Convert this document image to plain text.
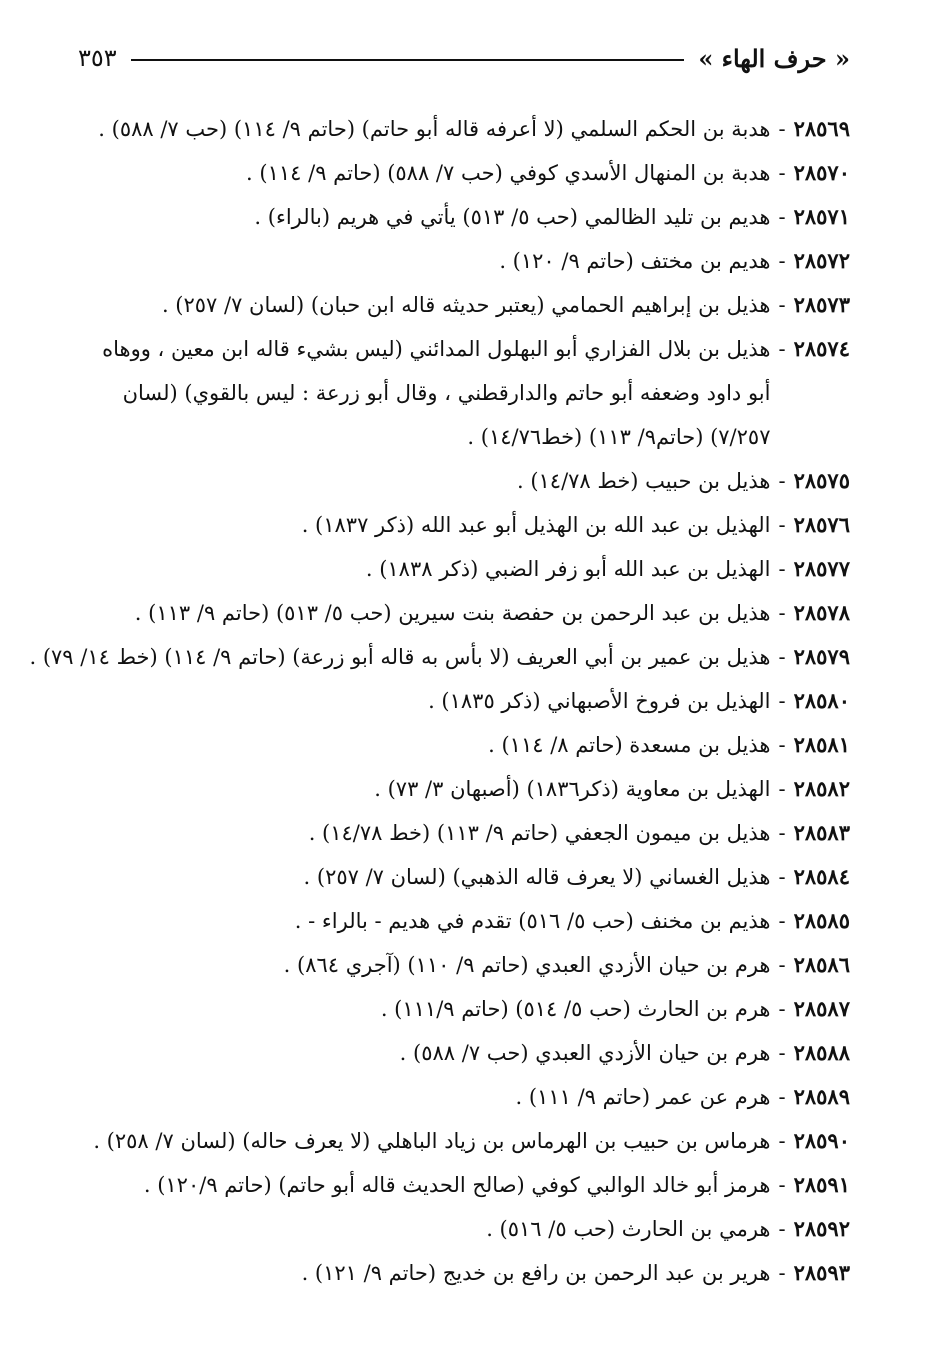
« حرف الهاء »
٣٥٣
٢٨٥٦٩
-
هدبة بن الحكم السلمي (لا أعرفه قاله أبو حاتم) (حاتم ٩/ ١١٤) (حب ٧/ ٥٨٨) .
٢٨٥٧٠
-
هدبة بن المنهال الأسدي كوفي (حب ٧/ ٥٨٨) (حاتم ٩/ ١١٤) .
٢٨٥٧١
-
هديم بن تليد الظالمي (حب ٥/ ٥١٣) يأتي في هريم (بالراء) .
٢٨٥٧٢
-
هديم بن مختف (حاتم ٩/ ١٢٠) .
٢٨٥٧٣
-
هذيل بن إبراهيم الحمامي (يعتبر حديثه قاله ابن حبان) (لسان ٧/ ٢٥٧) .
٢٨٥٧٤
-
هذيل بن بلال الفزاري أبو البهلول المدائني (ليس بشيء قاله ابن معين ، ووهاه أبو داود وضعفه أبو حاتم والدارقطني ، وقال أبو زرعة : ليس بالقوي) (لسان ٧/٢٥٧) (حاتم٩/ ١١٣) (خط١٤/٧٦) .
٢٨٥٧٥
-
هذيل بن حبيب (خط ١٤/٧٨) .
٢٨٥٧٦
-
الهذيل بن عبد الله بن الهذيل أبو عبد الله (ذكر ١٨٣٧) .
٢٨٥٧٧
-
الهذيل بن عبد الله أبو زفر الضبي (ذكر ١٨٣٨) .
٢٨٥٧٨
-
هذيل بن عبد الرحمن بن حفصة بنت سيرين (حب ٥/ ٥١٣) (حاتم ٩/ ١١٣) .
٢٨٥٧٩
-
هذيل بن عمير بن أبي العريف (لا بأس به قاله أبو زرعة) (حاتم ٩/ ١١٤) (خط ١٤/ ٧٩) .
٢٨٥٨٠
-
الهذيل بن فروخ الأصبهاني (ذكر ١٨٣٥) .
٢٨٥٨١
-
هذيل بن مسعدة (حاتم ٨/ ١١٤) .
٢٨٥٨٢
-
الهذيل بن معاوية (ذكر١٨٣٦) (أصبهان ٣/ ٧٣) .
٢٨٥٨٣
-
هذيل بن ميمون الجعفي (حاتم ٩/ ١١٣) (خط ١٤/٧٨) .
٢٨٥٨٤
-
هذيل الغساني (لا يعرف قاله الذهبي) (لسان ٧/ ٢٥٧) .
٢٨٥٨٥
-
هذيم بن مخنف (حب ٥/ ٥١٦) تقدم في هديم - بالراء - .
٢٨٥٨٦
-
هرم بن حيان الأزدي العبدي (حاتم ٩/ ١١٠) (آجري ٨٦٤) .
٢٨٥٨٧
-
هرم بن الحارث (حب ٥/ ٥١٤) (حاتم ١١١/٩) .
٢٨٥٨٨
-
هرم بن حيان الأزدي العبدي (حب ٧/ ٥٨٨) .
٢٨٥٨٩
-
هرم عن عمر (حاتم ٩/ ١١١) .
٢٨٥٩٠
-
هرماس بن حبيب بن الهرماس بن زياد الباهلي (لا يعرف حاله) (لسان ٧/ ٢٥٨) .
٢٨٥٩١
-
هرمز أبو خالد الوالبي كوفي (صالح الحديث قاله أبو حاتم) (حاتم ١٢٠/٩) .
٢٨٥٩٢
-
هرمي بن الحارث (حب ٥/ ٥١٦) .
٢٨٥٩٣
-
هرير بن عبد الرحمن بن رافع بن خديج (حاتم ٩/ ١٢١) .
